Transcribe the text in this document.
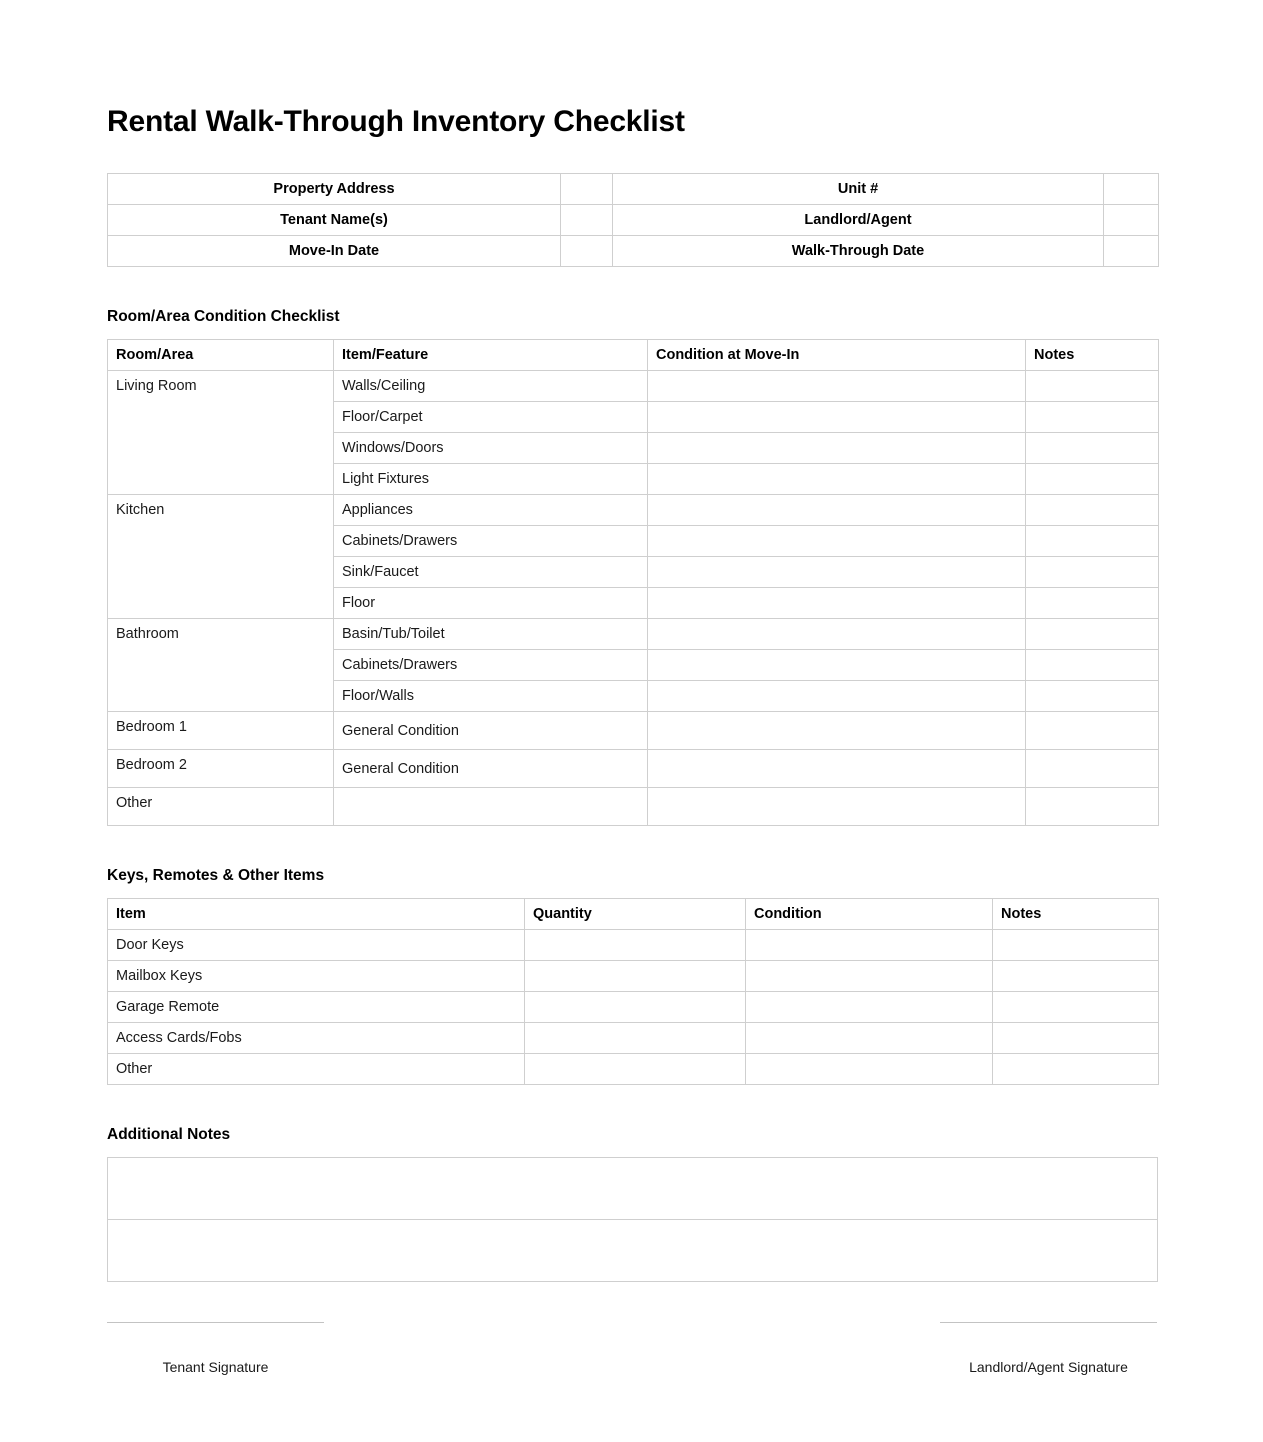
Rental Walk-Through Inventory Checklist
Property Address		Unit #	
Tenant Name(s)		Landlord/Agent	
Move-In Date		Walk-Through Date	
Room/Area Condition Checklist
Room/Area	Item/Feature	Condition at Move-In	Notes
Living Room	Walls/Ceiling		
	Floor/Carpet		
	Windows/Doors		
	Light Fixtures		
Kitchen	Appliances		
	Cabinets/Drawers		
	Sink/Faucet		
	Floor		
Bathroom	Basin/Tub/Toilet		
	Cabinets/Drawers		
	Floor/Walls		
Bedroom 1	General Condition		
Bedroom 2	General Condition		
Other			
Keys, Remotes & Other Items
Item	Quantity	Condition	Notes
Door Keys			
Mailbox Keys			
Garage Remote			
Access Cards/Fobs			
Other			
Additional Notes

Tenant Signature	Landlord/Agent Signature
